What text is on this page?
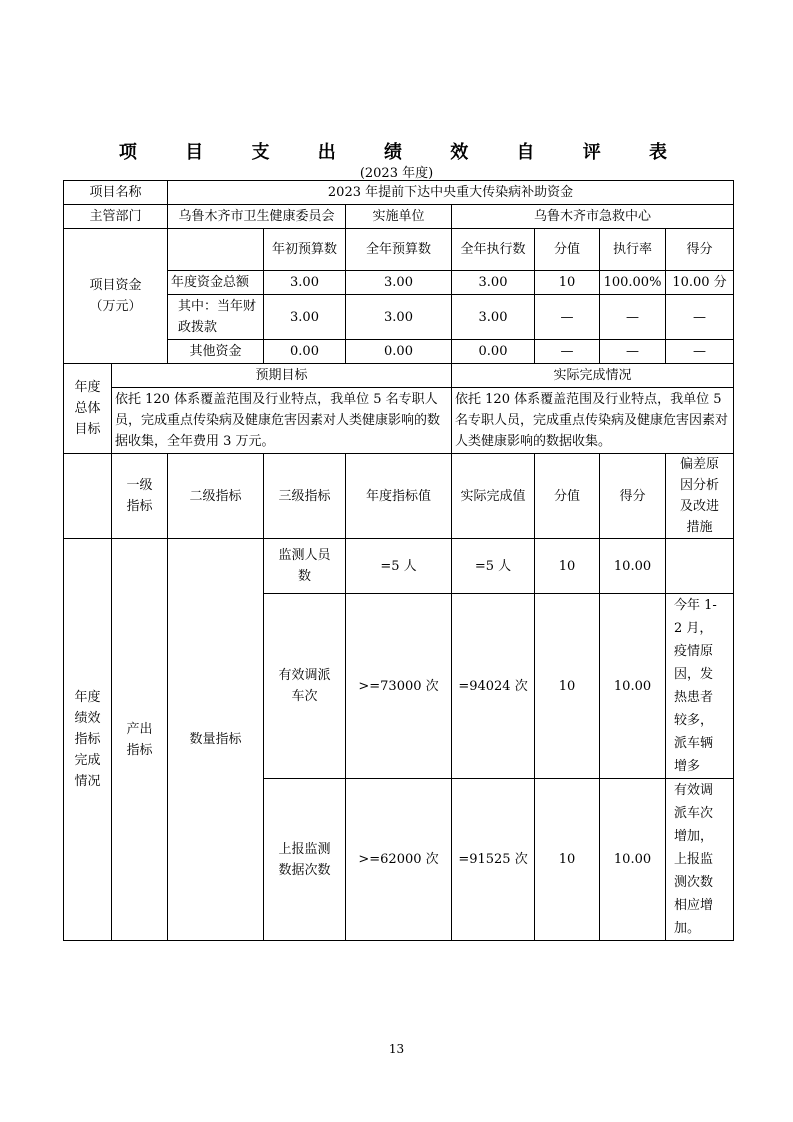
项 目 支 出 绩 效 自 评 表
(2023 年度)
项目名称		2023 年提前下达中央重大传染病补助资金						
主管部门		乌鲁木齐市卫生健康委员会		实施单位	乌鲁木齐市急救中心			
项目资金（万元）			年初预算数	全年预算数	全年执行数	分值	执行率	得分
		年度资金总额	3.00	3.00	3.00	10	100.00%	10.00 分
		其中：当年财政拨款	3.00	3.00	3.00	—	—	—
		其他资金	0.00	0.00	0.00	—	—	—
年度总体目标	预期目标				实际完成情况			
	依托 120 体系覆盖范围及行业特点，我单位 5 名专职人员，完成重点传染病及健康危害因素对人类健康影响的数据收集，全年费用 3 万元。				依托 120 体系覆盖范围及行业特点，我单位 5 名专职人员，完成重点传染病及健康危害因素对人类健康影响的数据收集。			
	一级指标	二级指标	三级指标	年度指标值	实际完成值	分值	得分	偏差原因分析及改进措施
年度绩效指标完成情况	产出指标	数量指标	监测人员数	=5 人	=5 人	10	10.00	
			有效调派车次	>=73000 次	=94024 次	10	10.00	今年 1-2 月，疫情原因，发热患者较多，派车辆增多
			上报监测数据次数	>=62000 次	=91525 次	10	10.00	有效调派车次增加，上报监测次数相应增加。
13
